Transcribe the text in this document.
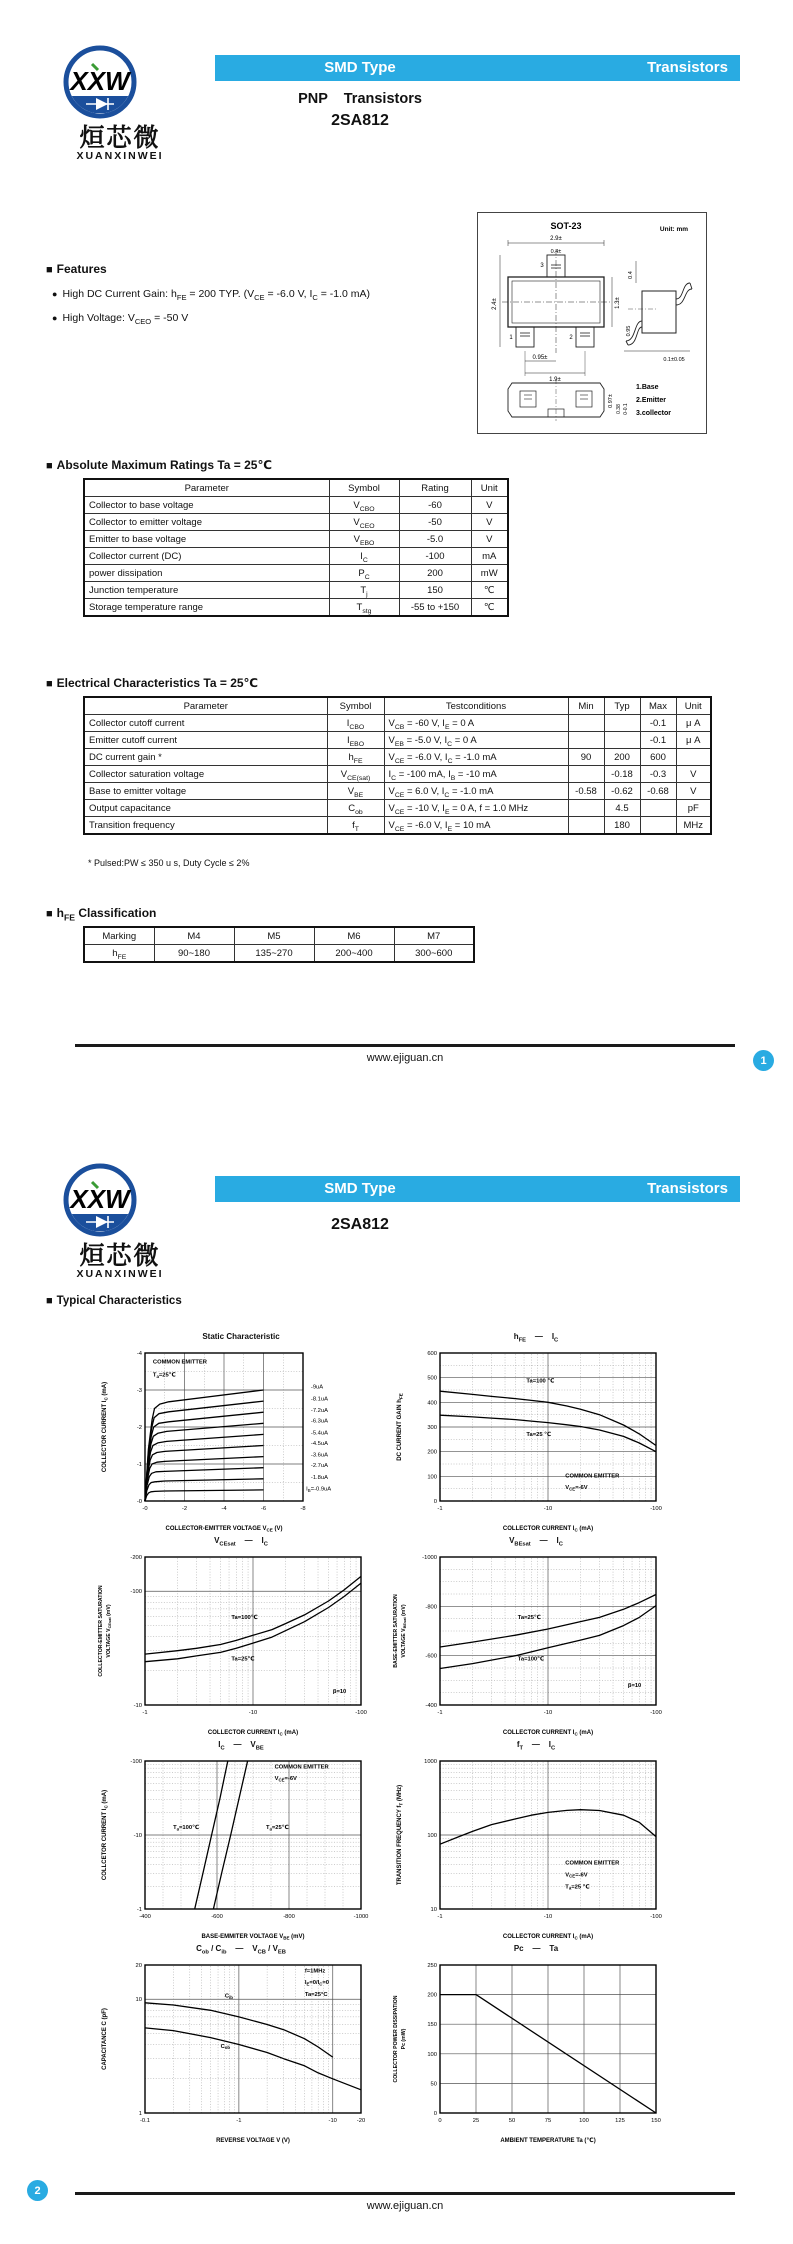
XXW
烜芯微
XUANXINWEI
SMD Type	Transistors
PNP    Transistors
2SA812
SOT-23	Unit: mm
2.9±
0.4±
2.4±	1.3±
0.95±
1.9±
3
1	2
0.4
0.95
0.1±0.05
0.97±
0.38 0-0.1
1.Base
2.Emitter
3.collector
■ Features
● High DC Current Gain: $h_{FE} = 200$ TYP. ($V_{CE} = -6.0$ V, $I_C = -1.0$ mA)
● High Voltage: $V_{CEO} = -50$ V
■ Absolute Maximum Ratings Ta = 25℃
Parameter	Symbol	Rating	Unit
Collector to base voltage	$V_{CBO}$	-60	V
Collector to emitter voltage	$V_{CEO}$	-50	V
Emitter to base voltage	$V_{EBO}$	-5.0	V
Collector current (DC)	$I_C$	-100	mA
power dissipation	$P_C$	200	mW
Junction temperature	$T_j$	150	℃
Storage temperature range	$T_{stg}$	-55 to +150	℃
■ Electrical Characteristics Ta = 25℃
Parameter	Symbol	Testconditions	Min	Typ	Max	Unit
Collector cutoff current	$I_{CBO}$	$V_{CB} = -60$ V, $I_E = 0$ A			-0.1	μ A
Emitter cutoff current	$I_{EBO}$	$V_{EB} = -5.0$ V, $I_C = 0$ A			-0.1	μ A
DC current gain *	$h_{FE}$	$V_{CE} = -6.0$ V, $I_C = -1.0$ mA	90	200	600	
Collector saturation voltage	$V_{CE(sat)}$	$I_C = -100$ mA, $I_B = -10$ mA		-0.18	-0.3	V
Base to emitter voltage	$V_{BE}$	$V_{CE} = 6.0$ V, $I_C = -1.0$ mA	-0.58	-0.62	-0.68	V
Output capacitance	$C_{ob}$	$V_{CE} = -10$ V, $I_E = 0$ A, f = 1.0 MHz		4.5		pF
Transition frequency	$f_T$	$V_{CE} = -6.0$ V, $I_E = 10$ mA		180		MHz
* Pulsed:PW ≤ 350 u s, Duty Cycle ≤ 2%
■ $h_{FE}$ Classification
Marking	M4	M5	M6	M7
$h_{FE}$	90~180	135~270	200~400	300~600
www.ejiguan.cn	1
XXW
烜芯微
XUANXINWEI
SMD Type	Transistors
2SA812
■ Typical Characteristics
Static Characteristic
-0	-2	-4	-6	-8
-0
-1
-2
-3
-4
COLLECTOR-EMITTER VOLTAGE $V_{CE}$ (V)
COLLECTOR CURRENT $I_C$ (mA)
COMMON EMITTER
$T_a=25℃$
-9uA
-8.1uA
-7.2uA
-6.3uA
-5.4uA
-4.5uA
-3.6uA
-2.7uA
-1.8uA
$I_B=-0.9uA$
$h_{FE}$    —    $I_C$
-1	-10	-100
0
100
200
300
400
500
600
COLLECTOR CURRENT $I_C$ (mA)
DC CURRENT GAIN $h_{FE}$
Ta=100 ℃
Ta=25 ℃
COMMON EMITTER
$V_{CE}=-6V$
$V_{CEsat}$    —    $I_C$
-1	-10	-100
-10
-100
-200
COLLECTOR CURRENT $I_C$ (mA)
COLLECTOR-EMITTER SATURATION VOLTAGE $V_{CEsat}$ (mV)
Ta=100℃
Ta=25℃
β=10
$V_{BEsat}$    —    $I_C$
-1	-10	-100
-400
-600
-800
-1000
COLLECTOR CURRENT $I_C$ (mA)
BASE-EMITTER SATURATION VOLTAGE $V_{BEsat}$ (mV)
Ta=25℃
Ta=100℃
β=10
$I_C$    —    $V_{BE}$
-400	-600	-800	-1000
-1
-10
-100
BASE-EMMITER VOLTAGE $V_{BE}$ (mV)
COLLCETOR CURRENT $I_C$ (mA)
$T_a=100℃$	$T_a=25℃$
COMMON EMITTER
$V_{CE}=-6V$
$f_T$    —    $I_C$
-1	-10	-100
10
100
1000
COLLECTOR CURRENT $I_C$ (mA)
TRANSITION FREQUENCY $f_T$ (MHz)
COMMON EMITTER
$V_{CE}=-6V$
$T_a=25$ ℃
$C_{ob} / C_{ib}$    —    $V_{CB} / V_{EB}$
-0.1	-1	-10	-20
1
10
20
REVERSE VOLTAGE V (V)
CAPACITANCE C (pF)
$C_{ib}$
$C_{ob}$
f=1MHz
$I_E=0/I_C=0$
Ta=25°C
Pc    —    Ta
0	25	50	75	100	125	150
0
50
100
150
200
250
AMBIENT TEMPERATURE Ta (℃)
COLLECTOR POWER DISSIPATION Pc (mW)
www.ejiguan.cn
2
